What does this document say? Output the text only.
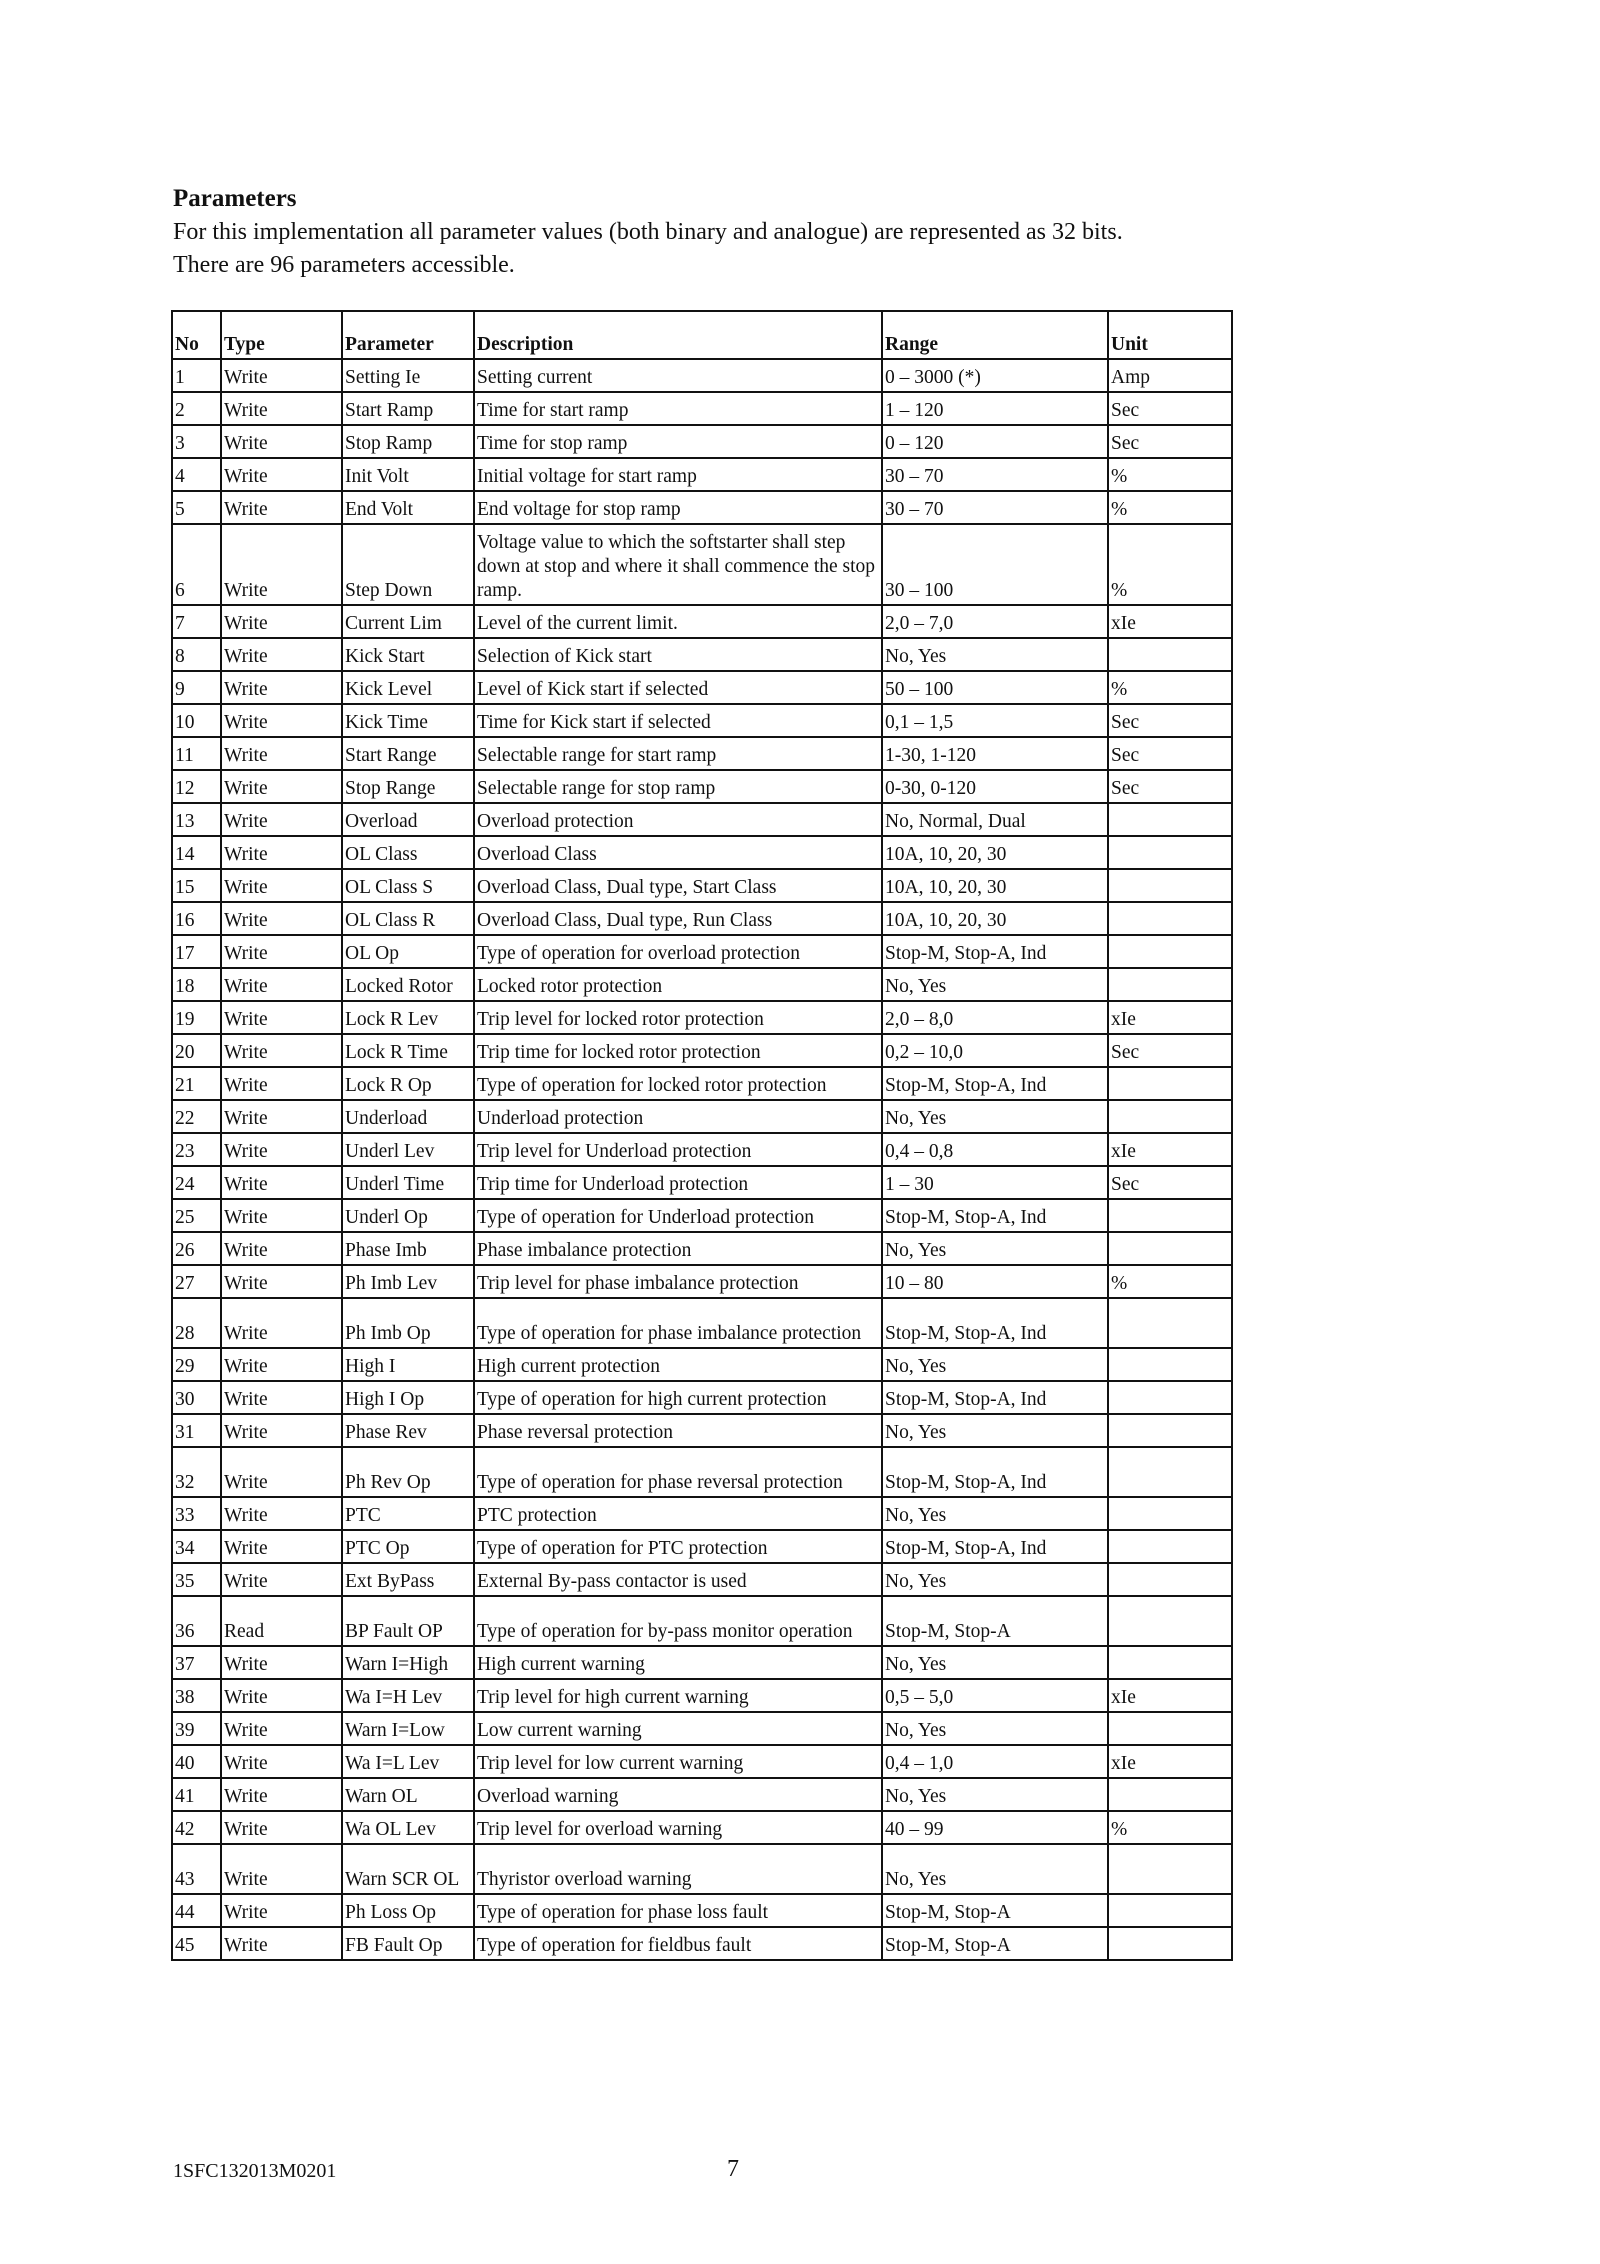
Parameters

For this implementation all parameter values (both binary and analogue) are represented as 32 bits.

There are 96 parameters accessible.

No	Type	Parameter	Description	Range	Unit
1	Write	Setting Ie	Setting current	0 – 3000 (*)	Amp
2	Write	Start Ramp	Time for start ramp	1 – 120	Sec
3	Write	Stop Ramp	Time for stop ramp	0 – 120	Sec
4	Write	Init Volt	Initial voltage for start ramp	30 – 70	%
5	Write	End Volt	End voltage for stop ramp	30 – 70	%
6	Write	Step Down	Voltage value to which the softstarter shall step down at stop and where it shall commence the stop ramp.	30 – 100	%
7	Write	Current Lim	Level of the current limit.	2,0 – 7,0	xIe
8	Write	Kick Start	Selection of Kick start	No, Yes	
9	Write	Kick Level	Level of Kick start if selected	50 – 100	%
10	Write	Kick Time	Time for Kick start if selected	0,1 – 1,5	Sec
11	Write	Start Range	Selectable range for start ramp	1-30, 1-120	Sec
12	Write	Stop Range	Selectable range for stop ramp	0-30, 0-120	Sec
13	Write	Overload	Overload protection	No, Normal, Dual	
14	Write	OL Class	Overload Class	10A, 10, 20, 30	
15	Write	OL Class S	Overload Class, Dual type, Start Class	10A, 10, 20, 30	
16	Write	OL Class R	Overload Class, Dual type, Run Class	10A, 10, 20, 30	
17	Write	OL Op	Type of operation for overload protection	Stop-M, Stop-A, Ind	
18	Write	Locked Rotor	Locked rotor protection	No, Yes	
19	Write	Lock R Lev	Trip level for locked rotor protection	2,0 – 8,0	xIe
20	Write	Lock R Time	Trip time for locked rotor protection	0,2 – 10,0	Sec
21	Write	Lock R Op	Type of operation for locked rotor protection	Stop-M, Stop-A, Ind	
22	Write	Underload	Underload protection	No, Yes	
23	Write	Underl Lev	Trip level for Underload protection	0,4 – 0,8	xIe
24	Write	Underl Time	Trip time for Underload protection	1 – 30	Sec
25	Write	Underl Op	Type of operation for Underload protection	Stop-M, Stop-A, Ind	
26	Write	Phase Imb	Phase imbalance protection	No, Yes	
27	Write	Ph Imb Lev	Trip level for phase imbalance protection	10 – 80	%
28	Write	Ph Imb Op	Type of operation for phase imbalance protection	Stop-M, Stop-A, Ind	
29	Write	High I	High current protection	No, Yes	
30	Write	High I Op	Type of operation for high current protection	Stop-M, Stop-A, Ind	
31	Write	Phase Rev	Phase reversal protection	No, Yes	
32	Write	Ph Rev Op	Type of operation for phase reversal protection	Stop-M, Stop-A, Ind	
33	Write	PTC	PTC protection	No, Yes	
34	Write	PTC Op	Type of operation for PTC protection	Stop-M, Stop-A, Ind	
35	Write	Ext ByPass	External By-pass contactor is used	No, Yes	
36	Read	BP Fault OP	Type of operation for by-pass monitor operation	Stop-M, Stop-A	
37	Write	Warn I=High	High current warning	No, Yes	
38	Write	Wa I=H Lev	Trip level for high current warning	0,5 – 5,0	xIe
39	Write	Warn I=Low	Low current warning	No, Yes	
40	Write	Wa I=L Lev	Trip level for low current warning	0,4 – 1,0	xIe
41	Write	Warn OL	Overload warning	No, Yes	
42	Write	Wa OL Lev	Trip level for overload warning	40 – 99	%
43	Write	Warn SCR OL	Thyristor overload warning	No, Yes	
44	Write	Ph Loss Op	Type of operation for phase loss fault	Stop-M, Stop-A	
45	Write	FB Fault Op	Type of operation for fieldbus fault	Stop-M, Stop-A	
1SFC132013M0201	7
